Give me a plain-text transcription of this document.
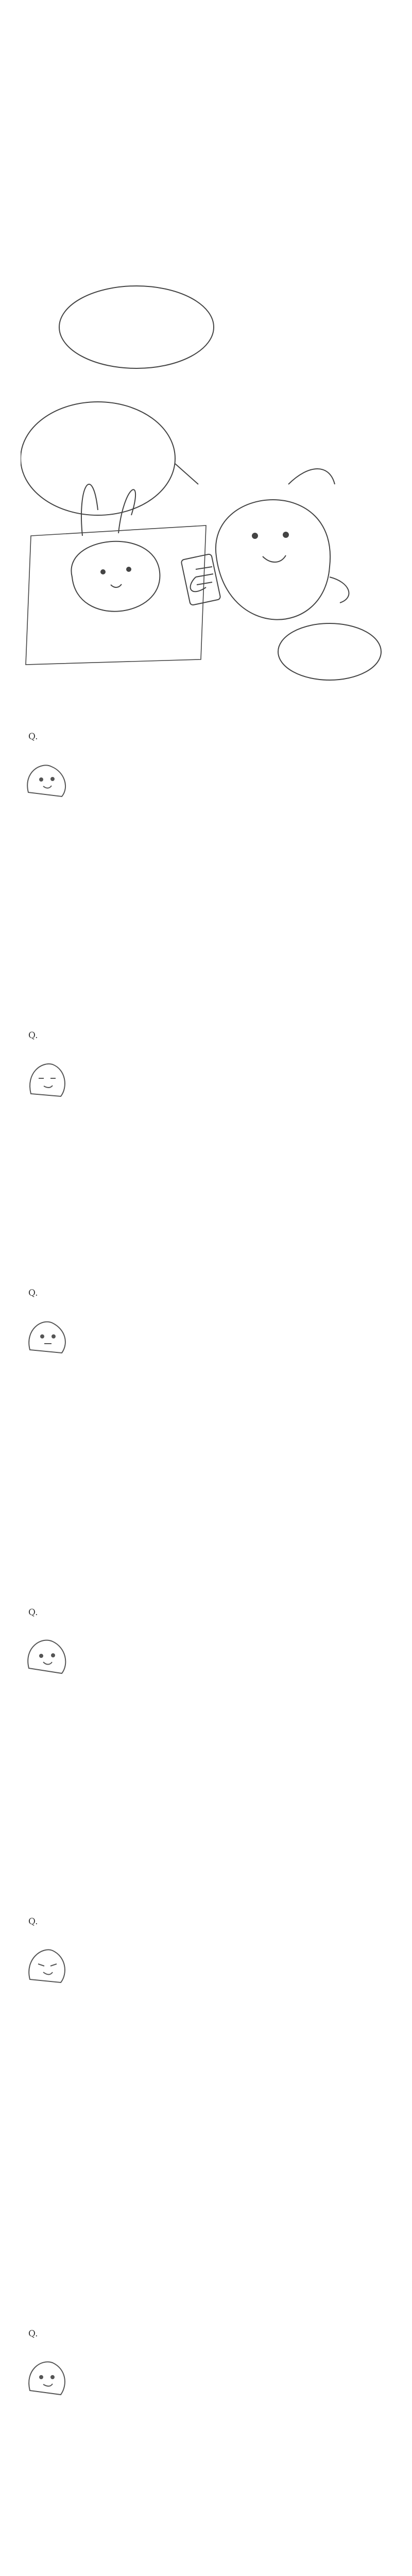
Q.
Q.
Q.
Q.
Q.
Q.
